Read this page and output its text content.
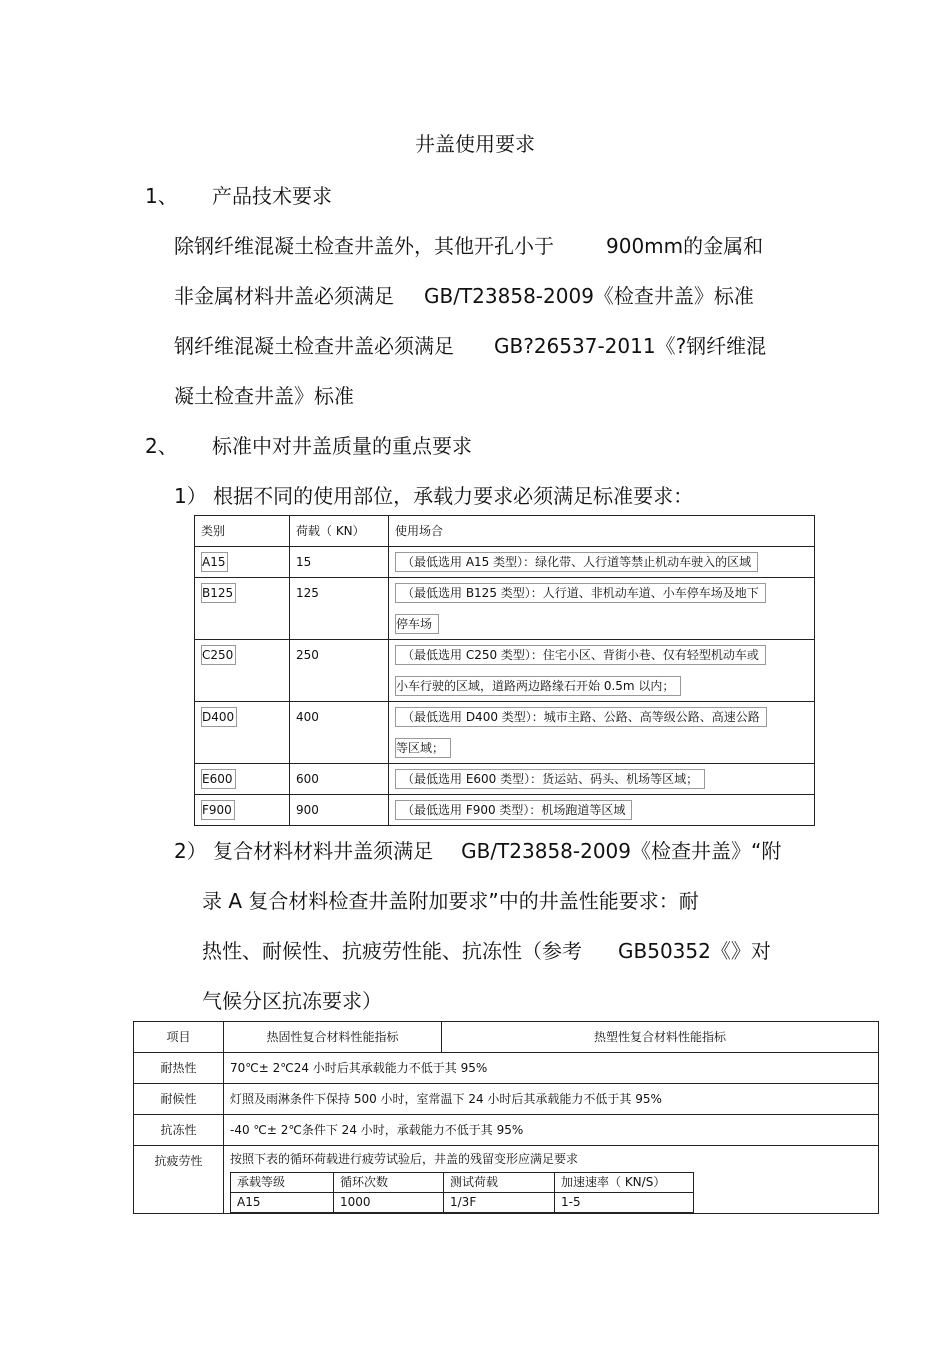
井盖使用要求
1、 产品技术要求
除钢纤维混凝土检查井盖外，其他开孔小于	900mm的金属和
非金属材料井盖必须满足 GB/T23858-2009《检查井盖》标准
钢纤维混凝土检查井盖必须满足 GB?26537-2011《?钢纤维混
凝土检查井盖》标准
2、 标准中对井盖质量的重点要求
1） 根据不同的使用部位，承载力要求必须满足标准要求：
类别	荷载（ KN）	使用场合
A15	15	（最低选用 A15 类型）：绿化带、人行道等禁止机动车驶入的区域
B125	125	（最低选用 B125 类型）：人行道、非机动车道、小车停车场及地下
停车场
C250	250	（最低选用 C250 类型）：住宅小区、背街小巷、仅有轻型机动车或
小车行驶的区域，道路两边路缘石开始 0.5m 以内；
D400	400	（最低选用 D400 类型）：城市主路、公路、高等级公路、高速公路
等区域；
E600	600	（最低选用 E600 类型）：货运站、码头、机场等区域；
F900	900	（最低选用 F900 类型）：机场跑道等区域
2） 复合材料材料井盖须满足 GB/T23858-2009《检查井盖》“附
录 A 复合材料检查井盖附加要求”中的井盖性能要求：耐
热性、耐候性、抗疲劳性能、抗冻性（参考 GB50352《》对
气候分区抗冻要求）
项目	热固性复合材料性能指标	热塑性复合材料性能指标
耐热性	70℃± 2℃24 小时后其承载能力不低于其 95%
耐候性	灯照及雨淋条件下保持 500 小时，室常温下 24 小时后其承载能力不低于其 95%
抗冻性	-40 ℃± 2℃条件下 24 小时，承载能力不低于其 95%
抗疲劳性	按照下表的循环荷载进行疲劳试验后，井盖的残留变形应满足要求
承载等级	循环次数	测试荷载	加速速率（ KN/S）
A15	1000	1/3F	1-5
